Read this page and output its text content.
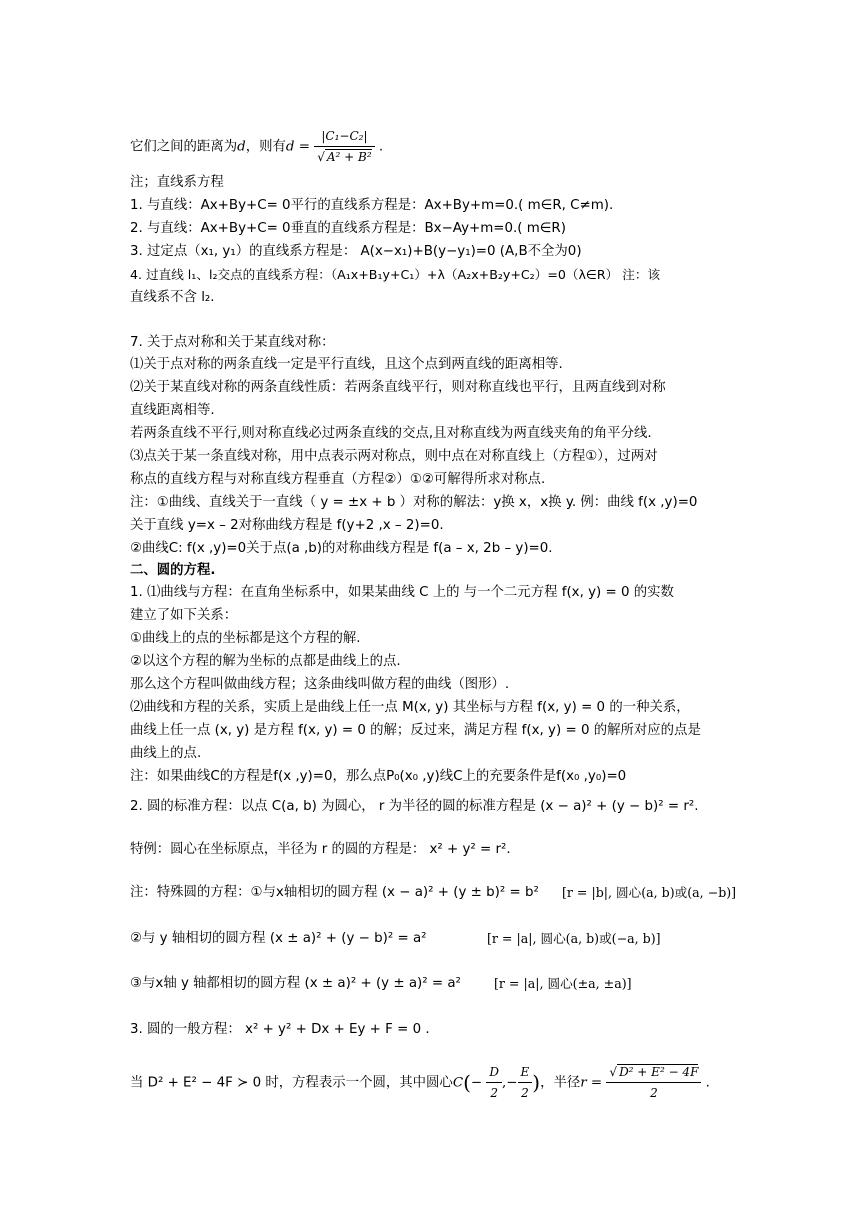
它们之间的距离为d，则有$d = \frac{\text{|C₁−C₂|}}{\text{√ A² + B²}}$ .
注；直线系方程
1. 与直线：Ax+By+C= 0平行的直线系方程是：Ax+By+m=0.( m∈R, C≠m).
2. 与直线：Ax+By+C= 0垂直的直线系方程是：Bx−Ay+m=0.( m∈R)
3. 过定点（x₁, y₁）的直线系方程是： A(x−x₁)+B(y−y₁)=0 (A,B不全为0)
4. 过直线 l₁、l₂交点的直线系方程：（A₁x+B₁y+C₁）+λ（A₂x+B₂y+C₂）=0（λ∈R） 注：该
直线系不含 l₂.
7. 关于点对称和关于某直线对称：
⑴关于点对称的两条直线一定是平行直线，且这个点到两直线的距离相等.
⑵关于某直线对称的两条直线性质：若两条直线平行，则对称直线也平行，且两直线到对称
直线距离相等.
若两条直线不平行,则对称直线必过两条直线的交点,且对称直线为两直线夹角的角平分线.
⑶点关于某一条直线对称，用中点表示两对称点，则中点在对称直线上（方程①），过两对
称点的直线方程与对称直线方程垂直（方程②）①②可解得所求对称点.
注：①曲线、直线关于一直线（ y = ±x + b ）对称的解法：y换 x，x换 y. 例：曲线 f(x ,y)=0
关于直线 y=x – 2对称曲线方程是 f(y+2 ,x – 2)=0.
②曲线C: f(x ,y)=0关于点(a ,b)的对称曲线方程是 f(a – x, 2b – y)=0.
二、圆的方程.
1. ⑴曲线与方程：在直角坐标系中，如果某曲线 C 上的 与一个二元方程 f(x, y) = 0 的实数
建立了如下关系：
①曲线上的点的坐标都是这个方程的解.
②以这个方程的解为坐标的点都是曲线上的点.
那么这个方程叫做曲线方程；这条曲线叫做方程的曲线（图形）.
⑵曲线和方程的关系，实质上是曲线上任一点 M(x, y) 其坐标与方程 f(x, y) = 0 的一种关系，
曲线上任一点 (x, y) 是方程 f(x, y) = 0 的解；反过来，满足方程 f(x, y) = 0 的解所对应的点是
曲线上的点.
注：如果曲线C的方程是f(x ,y)=0，那么点P₀(x₀ ,y)线C上的充要条件是f(x₀ ,y₀)=0
2. 圆的标准方程：以点 C(a, b) 为圆心， r 为半径的圆的标准方程是 (x − a)² + (y − b)² = r².
特例：圆心在坐标原点，半径为 r 的圆的方程是： x² + y² = r².
注：特殊圆的方程：①与x轴相切的圆方程 (x − a)² + (y ± b)² = b² [r = |b|, 圆心(a, b)或(a, −b)]
②与 y 轴相切的圆方程 (x ± a)² + (y − b)² = a²	[r = |a|, 圆心(a, b)或(−a, b)]
③与x轴 y 轴都相切的圆方程 (x ± a)² + (y ± a)² = a²	[r = |a|, 圆心(±a, ±a)]
3. 圆的一般方程： x² + y² + Dx + Ey + F = 0 .
当 D² + E² − 4F ≻ 0 时，方程表示一个圆，其中圆心$C(- \frac{D}{2}$ ,− $\frac{E}{2}$ )，半径$r = \frac{\text{√ D² + E² − 4F}}{2}$ .
